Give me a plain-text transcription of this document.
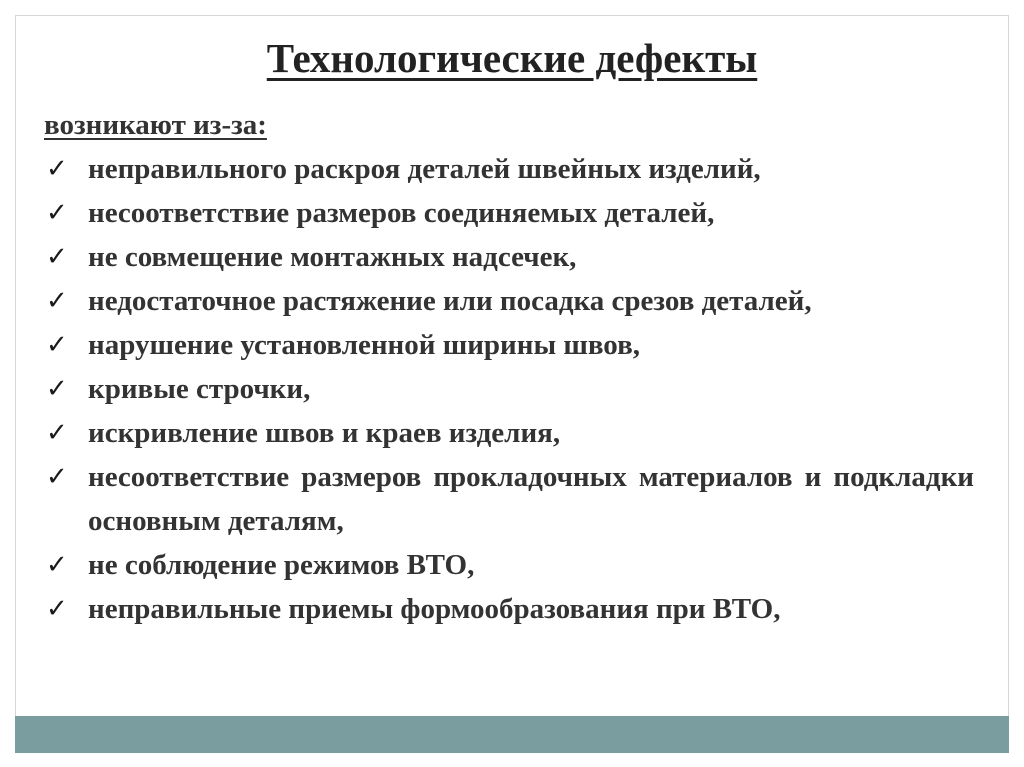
Технологические дефекты
возникают из-за:
✓ неправильного раскроя деталей швейных изделий,
✓ несоответствие размеров соединяемых деталей,
✓ не совмещение монтажных надсечек,
✓ недостаточное растяжение или посадка срезов деталей,
✓ нарушение установленной ширины швов,
✓ кривые строчки,
✓ искривление швов и краев изделия,
✓ несоответствие размеров прокладочных материалов и подкладки основным деталям,
✓ не соблюдение режимов ВТО,
✓ неправильные приемы формообразования при ВТО,
